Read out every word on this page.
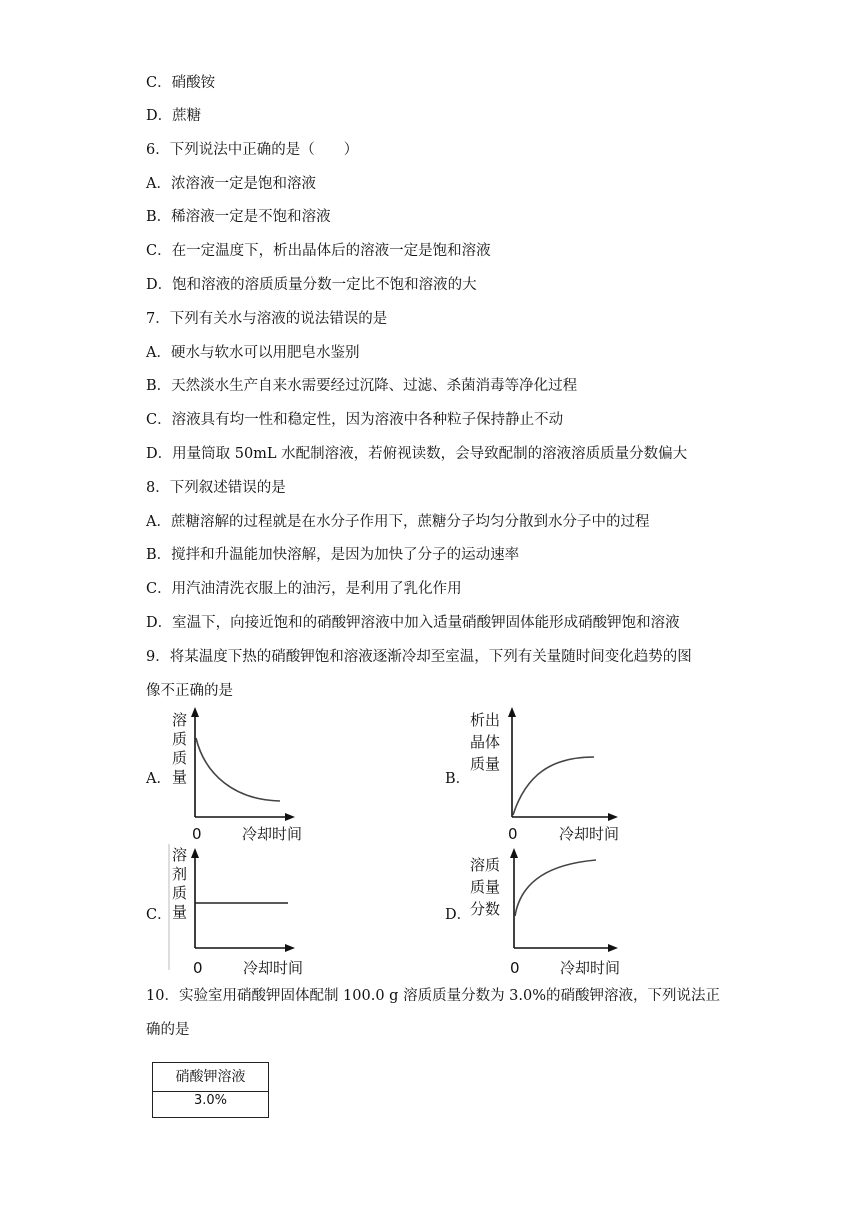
C．硝酸铵
D．蔗糖
6．下列说法中正确的是（　　）
A．浓溶液一定是饱和溶液
B．稀溶液一定是不饱和溶液
C．在一定温度下，析出晶体后的溶液一定是饱和溶液
D．饱和溶液的溶质质量分数一定比不饱和溶液的大
7．下列有关水与溶液的说法错误的是
A．硬水与软水可以用肥皂水鉴别
B．天然淡水生产自来水需要经过沉降、过滤、杀菌消毒等净化过程
C．溶液具有均一性和稳定性，因为溶液中各种粒子保持静止不动
D．用量筒取 50mL 水配制溶液，若俯视读数，会导致配制的溶液溶质质量分数偏大
8．下列叙述错误的是
A．蔗糖溶解的过程就是在水分子作用下，蔗糖分子均匀分散到水分子中的过程
B．搅拌和升温能加快溶解，是因为加快了分子的运动速率
C．用汽油清洗衣服上的油污，是利用了乳化作用
D．室温下，向接近饱和的硝酸钾溶液中加入适量硝酸钾固体能形成硝酸钾饱和溶液
9．将某温度下热的硝酸钾饱和溶液逐渐冷却至室温，下列有关量随时间变化趋势的图
像不正确的是
A．
溶
质
质
量
0	冷却时间
B．
析出
晶体
质量
0	冷却时间
C．
溶
剂
质
量
0	冷却时间
D．
溶质
质量
分数
0	冷却时间
10．实验室用硝酸钾固体配制 100.0 g 溶质质量分数为 3.0%的硝酸钾溶液，下列说法正
确的是
硝酸钾溶液
3.0%
